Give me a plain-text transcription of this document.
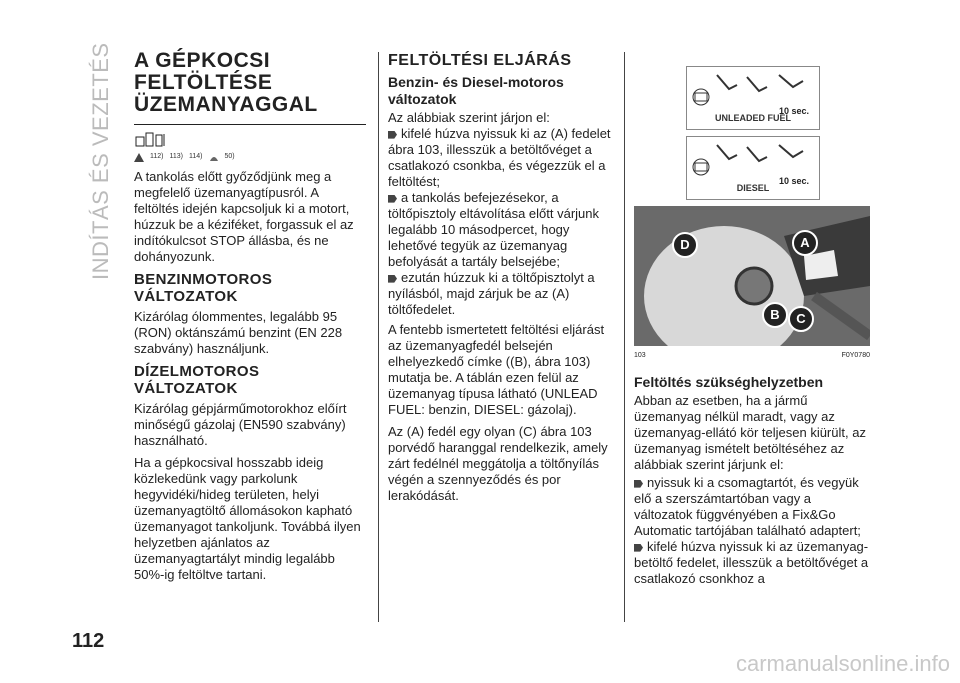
INDÍTÁS ÉS VEZETÉS
112
A GÉPKOCSI
FELTÖLTÉSE
ÜZEMANYAGGAL
112) 113) 114)	50)

A tankolás előtt győződjünk meg a megfelelő üzemanyagtípusról. A feltöltés idején kapcsoljuk ki a motort, húzzuk be a kéziféket, forgassuk el az indítókulcsot STOP állásba, és ne dohányozunk.

BENZINMOTOROS
VÁLTOZATOK

Kizárólag ólommentes, legalább 95 (RON) oktánszámú benzint (EN 228 szabvány) használjunk.

DÍZELMOTOROS
VÁLTOZATOK

Kizárólag gépjárműmotorokhoz előírt minőségű gázolaj (EN590 szabvány) használható.

Ha a gépkocsival hosszabb ideig közlekedünk vagy parkolunk hegyvidéki/hideg területen, helyi üzemanyagtöltő állomásokon kapható üzemanyagot tankoljunk. Továbbá ilyen helyzetben ajánlatos az üzemanyagtartályt mindig legalább 50%-ig feltöltve tartani.

FELTÖLTÉSI ELJÁRÁS
Benzin- és Diesel-motoros változatok

Az alábbiak szerint járjon el:

kifelé húzva nyissuk ki az (A) fedelet ábra 103, illesszük a betöltővéget a csatlakozó csonkba, és végezzük el a feltöltést;
a tankolás befejezésekor, a töltőpisztoly eltávolítása előtt várjunk legalább 10 másodpercet, hogy lehetővé tegyük az üzemanyag befolyását a tartály belsejébe;
ezután húzzuk ki a töltőpisztolyt a nyílásból, majd zárjuk be az (A) töltőfedelet.

A fentebb ismertetett feltöltési eljárást az üzemanyagfedél belsején elhelyezkedő címke ((B), ábra 103) mutatja be. A táblán ezen felül az üzemanyag típusa látható (UNLEAD FUEL: benzin, DIESEL: gázolaj).

Az (A) fedél egy olyan (C) ábra 103 porvédő haranggal rendelkezik, amely zárt fedélnél meggátolja a töltőnyílás végén a szennyeződés és por lerakódását.

10 sec.
UNLEADED FUEL
10 sec.
DIESEL
D	A
B	C
103	F0Y0780
Feltöltés szükséghelyzetben

Abban az esetben, ha a jármű üzemanyag nélkül maradt, vagy az üzemanyag-ellátó kör teljesen kiürült, az üzemanyag ismételt betöltéséhez az alábbiak szerint járjunk el:

nyissuk ki a csomagtartót, és vegyük elő a szerszámtartóban vagy a változatok függvényében a Fix&Go Automatic tartójában található adaptert;
kifelé húzva nyissuk ki az üzemanyag-betöltő fedelet, illesszük a betöltővéget a csatlakozó csonkhoz a
carmanualsonline.info
